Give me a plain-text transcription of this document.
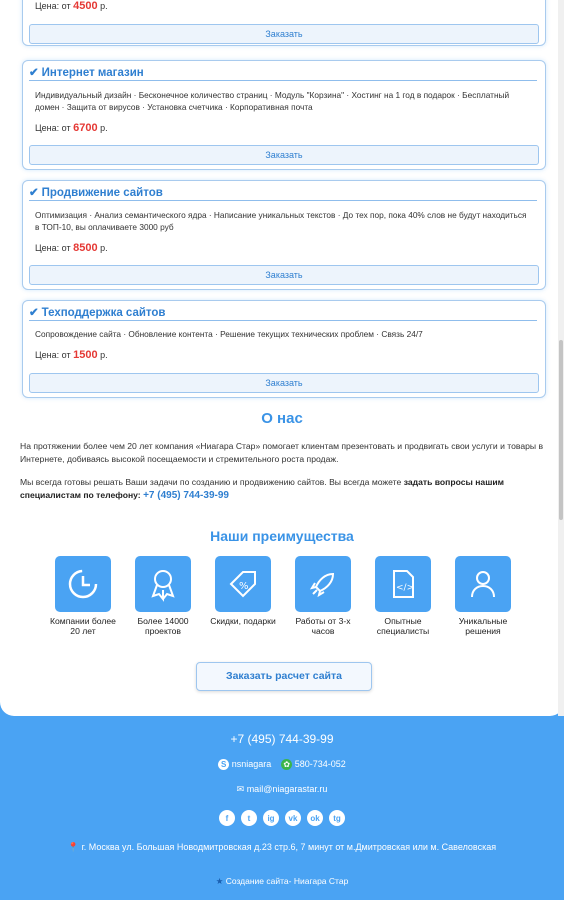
Цена: от 4500 р.
Заказать
✔ Интернет магазин
Индивидуальный дизайн · Бесконечное количество страниц · Модуль "Корзина" · Хостинг на 1 год в подарок · Бесплатный домен · Защита от вирусов · Установка счетчика · Корпоративная почта
Цена: от 6700 р.
Заказать
✔ Продвижение сайтов
Оптимизация · Анализ семантического ядра · Написание уникальных текстов · До тех пор, пока 40% слов не будут находиться в ТОП-10, вы оплачиваете 3000 руб
Цена: от 8500 р.
Заказать
✔ Техподдержка сайтов
Сопровождение сайта · Обновление контента · Решение текущих технических проблем · Связь 24/7
Цена: от 1500 р.
Заказать
О нас
На протяжении более чем 20 лет компания «Ниагара Стар» помогает клиентам презентовать и продвигать свои услуги и товары в Интернете, добиваясь высокой посещаемости и стремительного роста продаж.
Мы всегда готовы решать Ваши задачи по созданию и продвижению сайтов. Вы всегда можете задать вопросы нашим специалистам по телефону: +7 (495) 744-39-99
Наши преимущества
Компании более 20 лет
Более 14000 проектов
%
Скидки, подарки	Работы от 3-х часов
</>
Опытные специалисты
Уникальные решения
Заказать расчет сайта
+7 (495) 744-39-99
S nsniagara ✿ 580-734-052
✉ mail@niagarastar.ru
f	t	ig	vk	ok	tg
📍 г. Москва ул. Большая Новодмитровская д.23 стр.6, 7 минут от м.Дмитровская или м. Савеловская
★ Создание сайта- Ниагара Стар
